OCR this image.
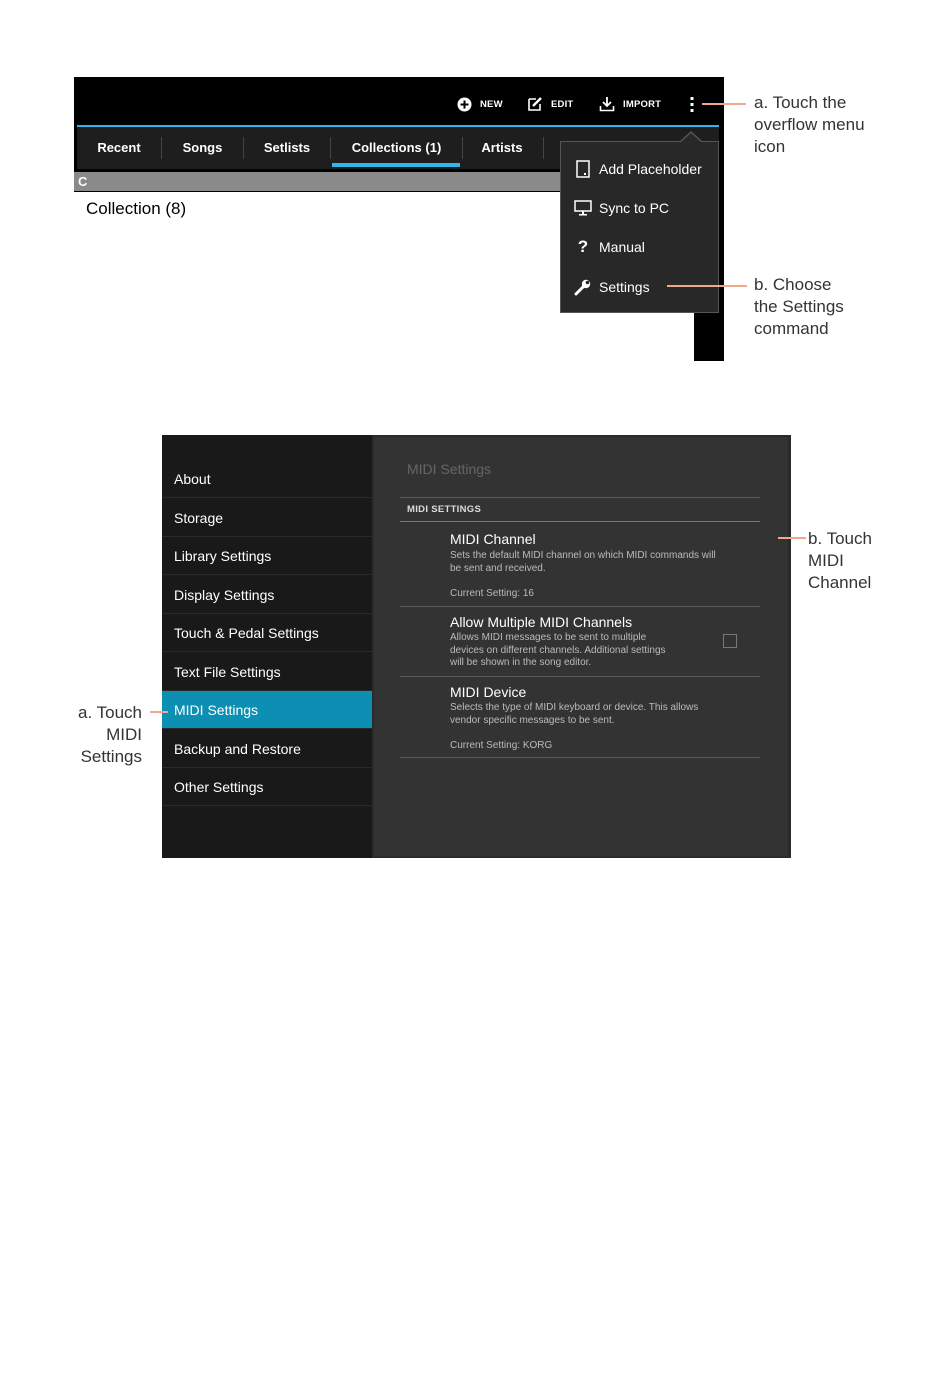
NEW	EDIT	IMPORT
Recent	Songs	Setlists	Collections (1)	Artists
C
Collection (8)
Add Placeholder
Sync to PC
? Manual
Settings
a. Touch the
overflow menu
icon
b. Choose
the Settings
command
About
Storage
Library Settings
Display Settings
Touch & Pedal Settings
Text File Settings
MIDI Settings
Backup and Restore
Other Settings
MIDI Settings
MIDI SETTINGS
MIDI Channel
Sets the default MIDI channel on which MIDI commands will
be sent and received.
Current Setting: 16
Allow Multiple MIDI Channels
Allows MIDI messages to be sent to multiple
devices on different channels. Additional settings
will be shown in the song editor.
MIDI Device
Selects the type of MIDI keyboard or device. This allows
vendor specific messages to be sent.
Current Setting: KORG
a. Touch
MIDI
Settings
b. Touch
MIDI
Channel
